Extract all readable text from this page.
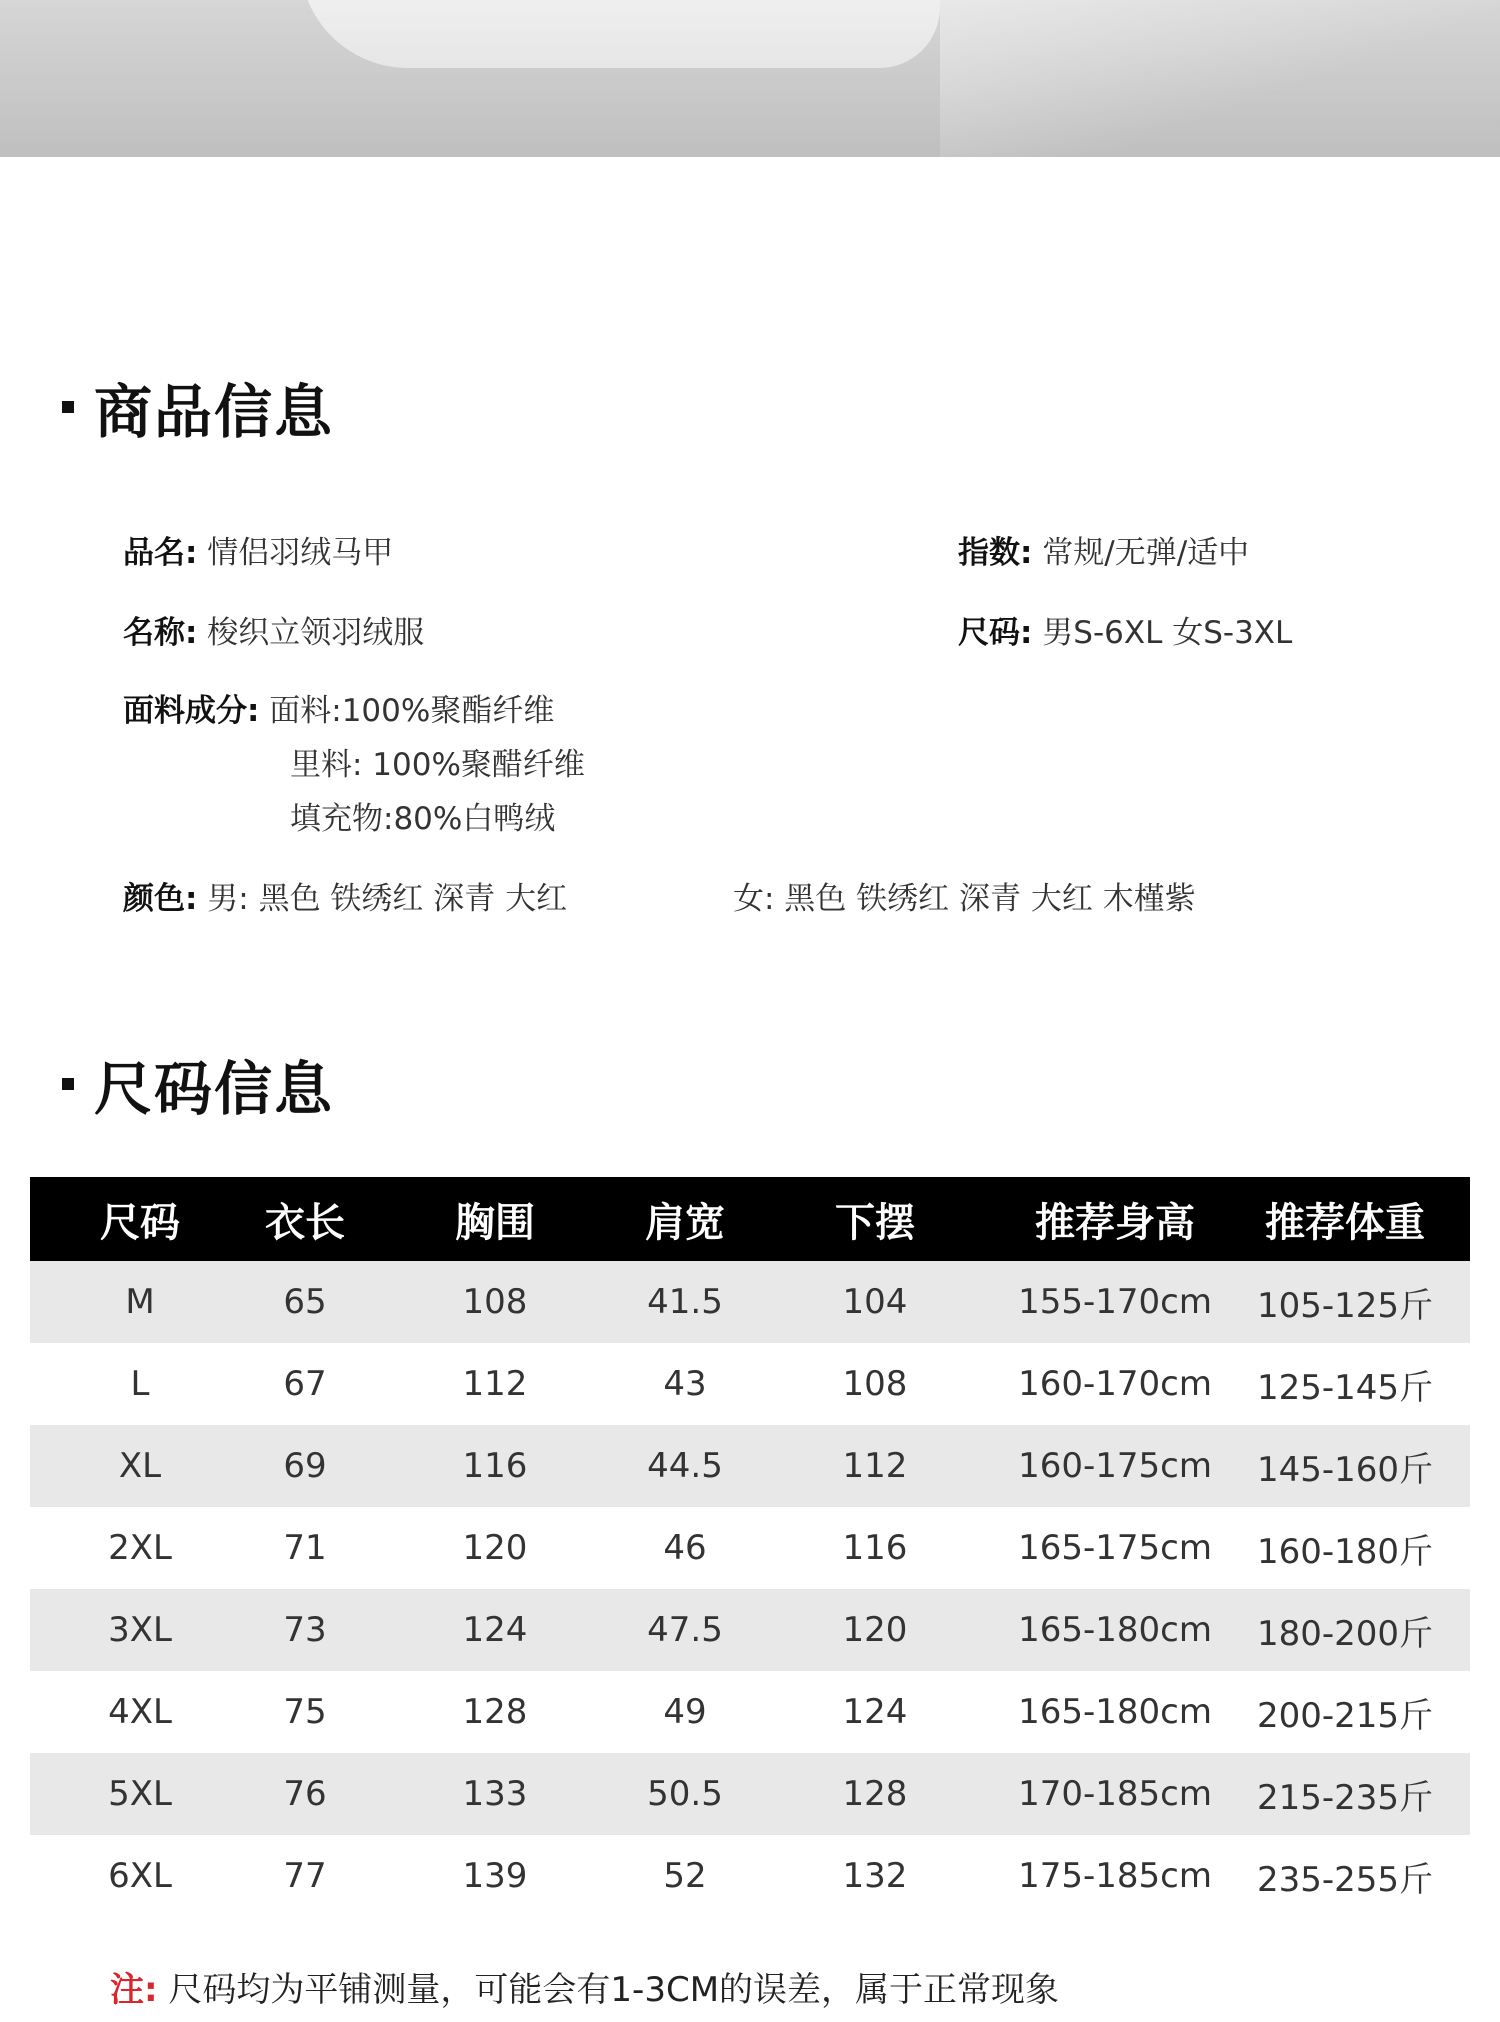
商品信息
品名: 情侣羽绒马甲	指数: 常规/无弹/适中
名称: 梭织立领羽绒服	尺码: 男S-6XL 女S-3XL
面料成分: 面料:100%聚酯纤维
里料: 100%聚醋纤维
填充物:80%白鸭绒
颜色: 男: 黑色 铁绣红 深青 大红	女: 黑色 铁绣红 深青 大红 木槿紫
尺码信息
尺码	衣长	胸围	肩宽	下摆	推荐身高	推荐体重
M	65	108	41.5	104	155-170cm	105-125斤
L	67	112	43	108	160-170cm	125-145斤
XL	69	116	44.5	112	160-175cm	145-160斤
2XL	71	120	46	116	165-175cm	160-180斤
3XL	73	124	47.5	120	165-180cm	180-200斤
4XL	75	128	49	124	165-180cm	200-215斤
5XL	76	133	50.5	128	170-185cm	215-235斤
6XL	77	139	52	132	175-185cm	235-255斤
注: 尺码均为平铺测量，可能会有1-3CM的误差，属于正常现象
